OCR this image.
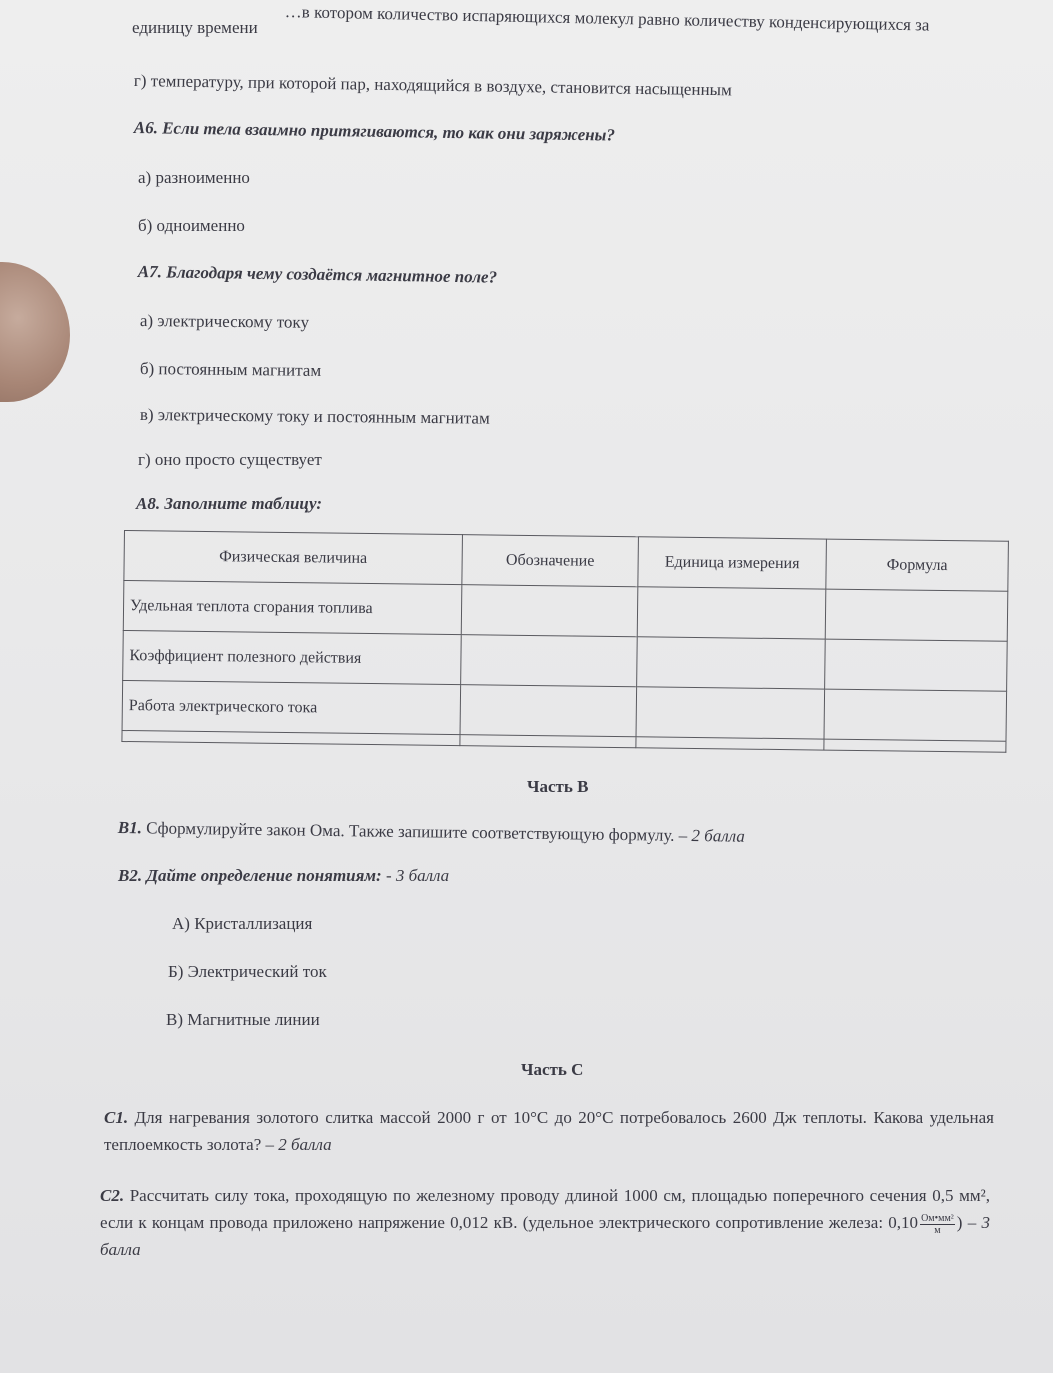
…в котором количество испаряющихся молекул равно количеству конденсирующихся за
единицу времени
г) температуру, при которой пар, находящийся в воздухе, становится насыщенным
А6. Если тела взаимно притягиваются, то как они заряжены?
а) разноименно
б) одноименно
А7. Благодаря чему создаётся магнитное поле?
а) электрическому току
б) постоянным магнитам
в) электрическому току и постоянным магнитам
г) оно просто существует
А8. Заполните таблицу:
Физическая величина	Обозначение	Единица измерения	Формула
Удельная теплота сгорания топлива			
Коэффициент полезного действия			
Работа электрического тока			

Часть В
В1. Сформулируйте закон Ома. Также запишите соответствующую формулу. – 2 балла
В2. Дайте определение понятиям: - 3 балла
А) Кристаллизация
Б) Электрический ток
В) Магнитные линии
Часть С
С1. Для нагревания золотого слитка массой 2000 г от 10°С до 20°С потребовалось 2600 Дж теплоты. Какова удельная теплоемкость золота? – 2 балла
С2. Рассчитать силу тока, проходящую по железному проводу длиной 1000 см, площадью поперечного сечения 0,5 мм², если к концам провода приложено напряжение 0,012 кВ. (удельное электрического сопротивление железа: $0,10 \frac{\text{Ом•мм²}}{м}$ ) – 3 балла
